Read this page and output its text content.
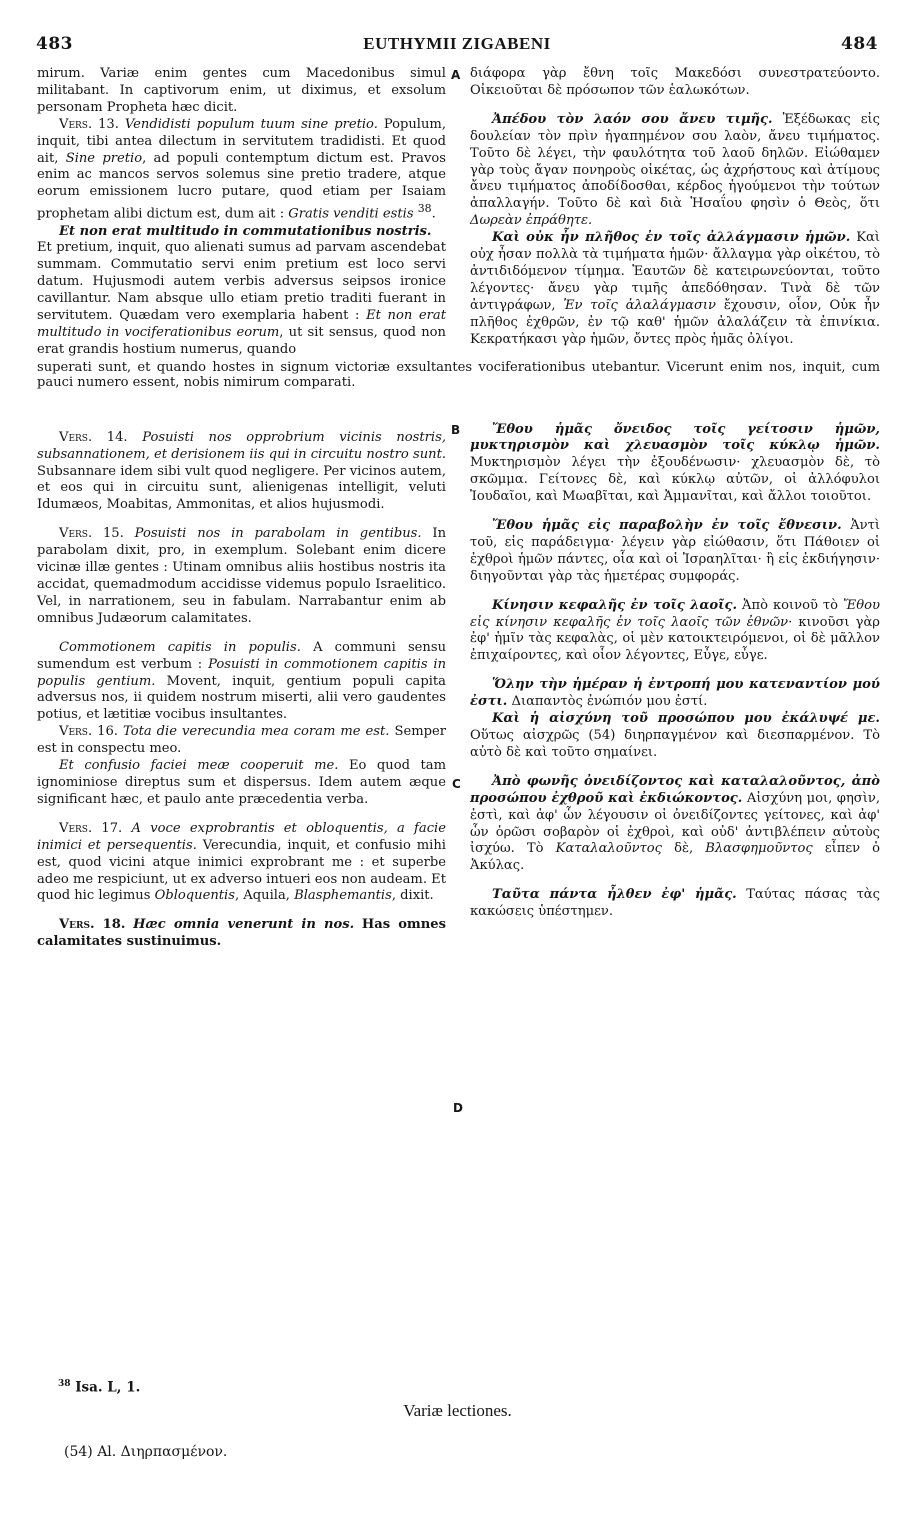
483	EUTHYMII ZIGABENI	484
A
B
C
D
mirum. Variæ enim gentes cum Macedonibus simul militabant. In captivorum enim, ut diximus, et exsolum personam Propheta hæc dicit.
Vers. 13. Vendidisti populum tuum sine pretio. Populum, inquit, tibi antea dilectum in servitutem tradidisti. Et quod ait, Sine pretio, ad populi contemptum dictum est. Pravos enim ac mancos servos solemus sine pretio tradere, atque eorum emissionem lucro putare, quod etiam per Isaiam prophetam alibi dictum est, dum ait : Gratis venditi estis $^{38}$.
Et non erat multitudo in commutationibus nostris.
Et pretium, inquit, quo alienati sumus ad parvam ascendebat summam. Commutatio servi enim pretium est loco servi datum. Hujusmodi autem verbis adversus seipsos ironice cavillantur. Nam absque ullo etiam pretio traditi fuerant in servitutem. Quædam vero exemplaria habent : Et non erat multitudo in vociferationibus eorum, ut sit sensus, quod non erat grandis hostium numerus, quando
Vers. 14. Posuisti nos opprobrium vicinis nostris, subsannationem, et derisionem iis qui in circuitu nostro sunt. Subsannare idem sibi vult quod negligere. Per vicinos autem, et eos qui in circuitu sunt, alienigenas intelligit, veluti Idumæos, Moabitas, Ammonitas, et alios hujusmodi.
Vers. 15. Posuisti nos in parabolam in gentibus. In parabolam dixit, pro, in exemplum. Solebant enim dicere vicinæ illæ gentes : Utinam omnibus aliis hostibus nostris ita accidat, quemadmodum accidisse videmus populo Israelitico. Vel, in narrationem, seu in fabulam. Narrabantur enim ab omnibus Judæorum calamitates.
Commotionem capitis in populis. A communi sensu sumendum est verbum : Posuisti in commotionem capitis in populis gentium. Movent, inquit, gentium populi capita adversus nos, ii quidem nostrum miserti, alii vero gaudentes potius, et lætitiæ vocibus insultantes.
Vers. 16. Tota die verecundia mea coram me est. Semper est in conspectu meo.
Et confusio faciei meæ cooperuit me. Eo quod tam ignominiose direptus sum et dispersus. Idem autem æque significant hæc, et paulo ante præcedentia verba.
Vers. 17. A voce exprobrantis et obloquentis, a facie inimici et persequentis. Verecundia, inquit, et confusio mihi est, quod vicini atque inimici exprobrant me : et superbe adeo me respiciunt, ut ex adverso intueri eos non audeam. Et quod hic legimus Obloquentis, Aquila, Blasphemantis, dixit.
Vers. 18. Hæc omnia venerunt in nos. Has omnes calamitates sustinuimus.
διάφορα γὰρ ἔθνη τοῖς Μακεδόσι συνεστρατεύοντο. Οἰκειοῦται δὲ πρόσωπον τῶν ἑαλωκότων.
Ἀπέδου τὸν λαόν σου ἄνευ τιμῆς. Ἐξέδωκας εἰς δουλείαν τὸν πρὶν ἠγαπημένον σου λαὸν, ἄνευ τιμήματος. Τοῦτο δὲ λέγει, τὴν φαυλότητα τοῦ λαοῦ δηλῶν. Εἰώθαμεν γὰρ τοὺς ἄγαν πονηροὺς οἰκέτας, ὡς ἀχρήστους καὶ ἀτίμους ἄνευ τιμήματος ἀποδίδοσθαι, κέρδος ἡγούμενοι τὴν τούτων ἀπαλλαγήν. Τοῦτο δὲ καὶ διὰ Ἡσαΐου φησὶν ὁ Θεὸς, ὅτι Δωρεὰν ἐπράθητε.
Καὶ οὐκ ἦν πλῆθος ἐν τοῖς ἀλλάγμασιν ἡμῶν. Καὶ οὐχ ἦσαν πολλὰ τὰ τιμήματα ἡμῶν· ἄλλαγμα γὰρ οἰκέτου, τὸ ἀντιδιδόμενον τίμημα. Ἑαυτῶν δὲ κατειρωνεύονται, τοῦτο λέγοντες· ἄνευ γὰρ τιμῆς ἀπεδόθησαν. Τινὰ δὲ τῶν ἀντιγράφων, Ἐν τοῖς ἀλαλάγμασιν ἔχουσιν, οἷον, Οὐκ ἦν πλῆθος ἐχθρῶν, ἐν τῷ καθ' ἡμῶν ἀλαλάζειν τὰ ἐπινίκια. Κεκρατήκασι γὰρ ἡμῶν, ὄντες πρὸς ἡμᾶς ὀλίγοι.
Ἔθου ἡμᾶς ὄνειδος τοῖς γείτοσιν ἡμῶν, μυκτηρισμὸν καὶ χλευασμὸν τοῖς κύκλῳ ἡμῶν. Μυκτηρισμὸν λέγει τὴν ἐξουδένωσιν· χλευασμὸν δὲ, τὸ σκῶμμα. Γείτονες δὲ, καὶ κύκλῳ αὐτῶν, οἱ ἀλλόφυλοι Ἰουδαῖοι, καὶ Μωαβῖται, καὶ Ἀμμανῖται, καὶ ἄλλοι τοιοῦτοι.
Ἔθου ἡμᾶς εἰς παραβολὴν ἐν τοῖς ἔθνεσιν. Ἀντὶ τοῦ, εἰς παράδειγμα· λέγειν γὰρ εἰώθασιν, ὅτι Πάθοιεν οἱ ἐχθροὶ ἡμῶν πάντες, οἷα καὶ οἱ Ἰσραηλῖται· ἢ εἰς ἐκδιήγησιν· διηγοῦνται γὰρ τὰς ἡμετέρας συμφοράς.
Κίνησιν κεφαλῆς ἐν τοῖς λαοῖς. Ἀπὸ κοινοῦ τὸ Ἔθου εἰς κίνησιν κεφαλῆς ἐν τοῖς λαοῖς τῶν ἐθνῶν· κινοῦσι γὰρ ἐφ' ἡμῖν τὰς κεφαλὰς, οἱ μὲν κατοικτειρόμενοι, οἱ δὲ μᾶλλον ἐπιχαίροντες, καὶ οἷον λέγοντες, Εὖγε, εὖγε.
Ὅλην τὴν ἡμέραν ἡ ἐντροπή μου κατεναντίον μού ἐστι. Διαπαντὸς ἐνώπιόν μου ἐστί.
Καὶ ἡ αἰσχύνη τοῦ προσώπου μου ἐκάλυψέ με. Οὕτως αἰσχρῶς (54) διηρπαγμένον καὶ διεσπαρμένον. Τὸ αὐτὸ δὲ καὶ τοῦτο σημαίνει.
Ἀπὸ φωνῆς ὀνειδίζοντος καὶ καταλαλοῦντος, ἀπὸ προσώπου ἐχθροῦ καὶ ἐκδιώκοντος. Αἰσχύνη μοι, φησὶν, ἐστὶ, καὶ ἀφ' ὧν λέγουσιν οἱ ὀνειδίζοντες γείτονες, καὶ ἀφ' ὧν ὁρῶσι σοβαρὸν οἱ ἐχθροὶ, καὶ οὐδ' ἀντιβλέπειν αὐτοὺς ἰσχύω. Τὸ Καταλαλοῦντος δὲ, Βλασφημοῦντος εἶπεν ὁ Ἀκύλας.
Ταῦτα πάντα ἦλθεν ἐφ' ἡμᾶς. Ταύτας πάσας τὰς κακώσεις ὑπέστημεν.
superati sunt, et quando hostes in signum victoriæ exsultantes vociferationibus utebantur. Vicerunt enim nos, inquit, cum pauci numero essent, nobis nimirum comparati.
$^{38}$ Isa. L, 1.
Variæ lectiones.
(54) Al. Διηρπασμένον.
